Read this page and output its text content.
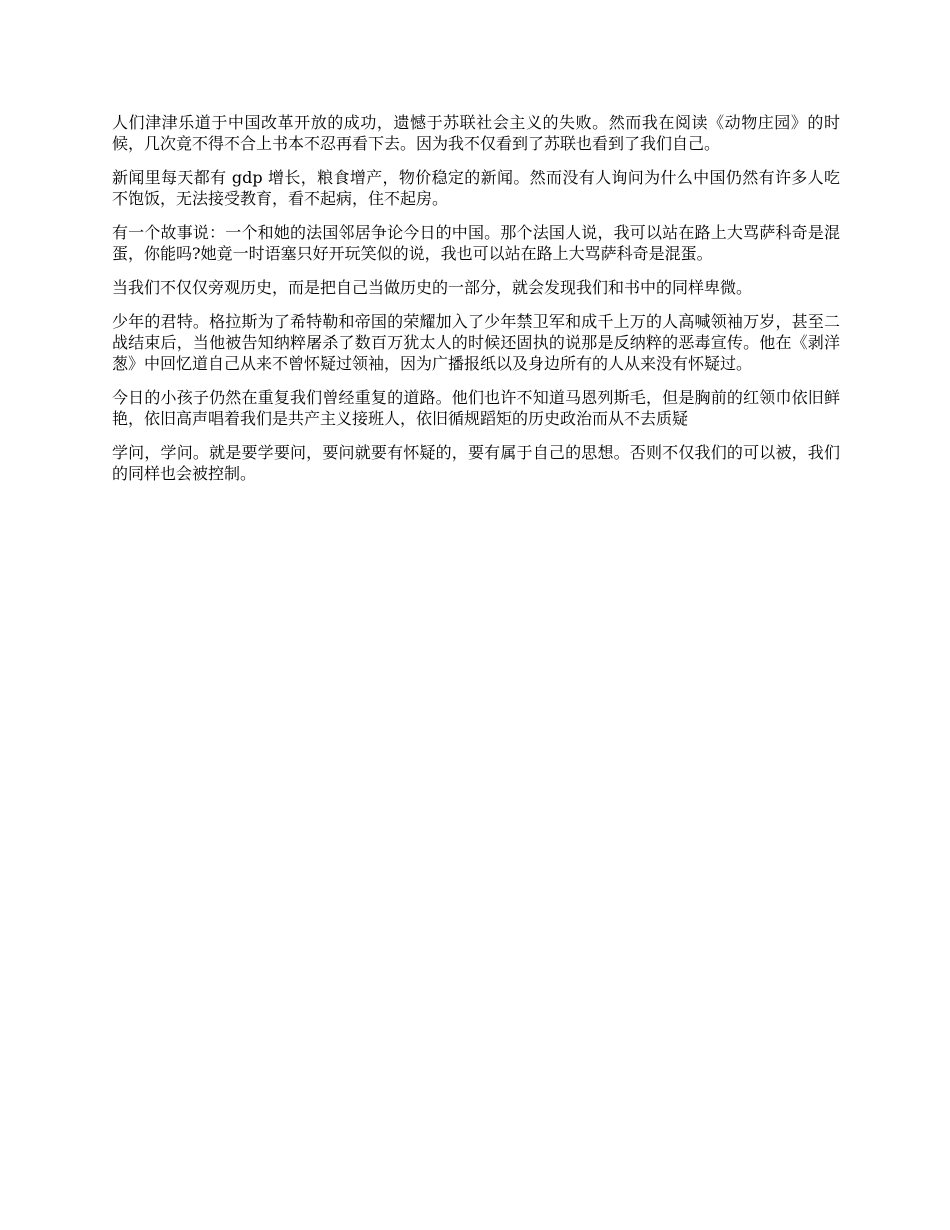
人们津津乐道于中国改革开放的成功，遗憾于苏联社会主义的失败。然而我在阅读《动物庄园》的时候，几次竟不得不合上书本不忍再看下去。因为我不仅看到了苏联也看到了我们自己。

新闻里每天都有 gdp 增长，粮食增产，物价稳定的新闻。然而没有人询问为什么中国仍然有许多人吃不饱饭，无法接受教育，看不起病，住不起房。

有一个故事说：一个和她的法国邻居争论今日的中国。那个法国人说，我可以站在路上大骂萨科奇是混蛋，你能吗?她竟一时语塞只好开玩笑似的说，我也可以站在路上大骂萨科奇是混蛋。

当我们不仅仅旁观历史，而是把自己当做历史的一部分，就会发现我们和书中的同样卑微。

少年的君特。格拉斯为了希特勒和帝国的荣耀加入了少年禁卫军和成千上万的人高喊领袖万岁，甚至二战结束后，当他被告知纳粹屠杀了数百万犹太人的时候还固执的说那是反纳粹的恶毒宣传。他在《剥洋葱》中回忆道自己从来不曾怀疑过领袖，因为广播报纸以及身边所有的人从来没有怀疑过。

今日的小孩子仍然在重复我们曾经重复的道路。他们也许不知道马恩列斯毛，但是胸前的红领巾依旧鲜艳，依旧高声唱着我们是共产主义接班人，依旧循规蹈矩的历史政治而从不去质疑

学问，学问。就是要学要问，要问就要有怀疑的，要有属于自己的思想。否则不仅我们的可以被，我们的同样也会被控制。
